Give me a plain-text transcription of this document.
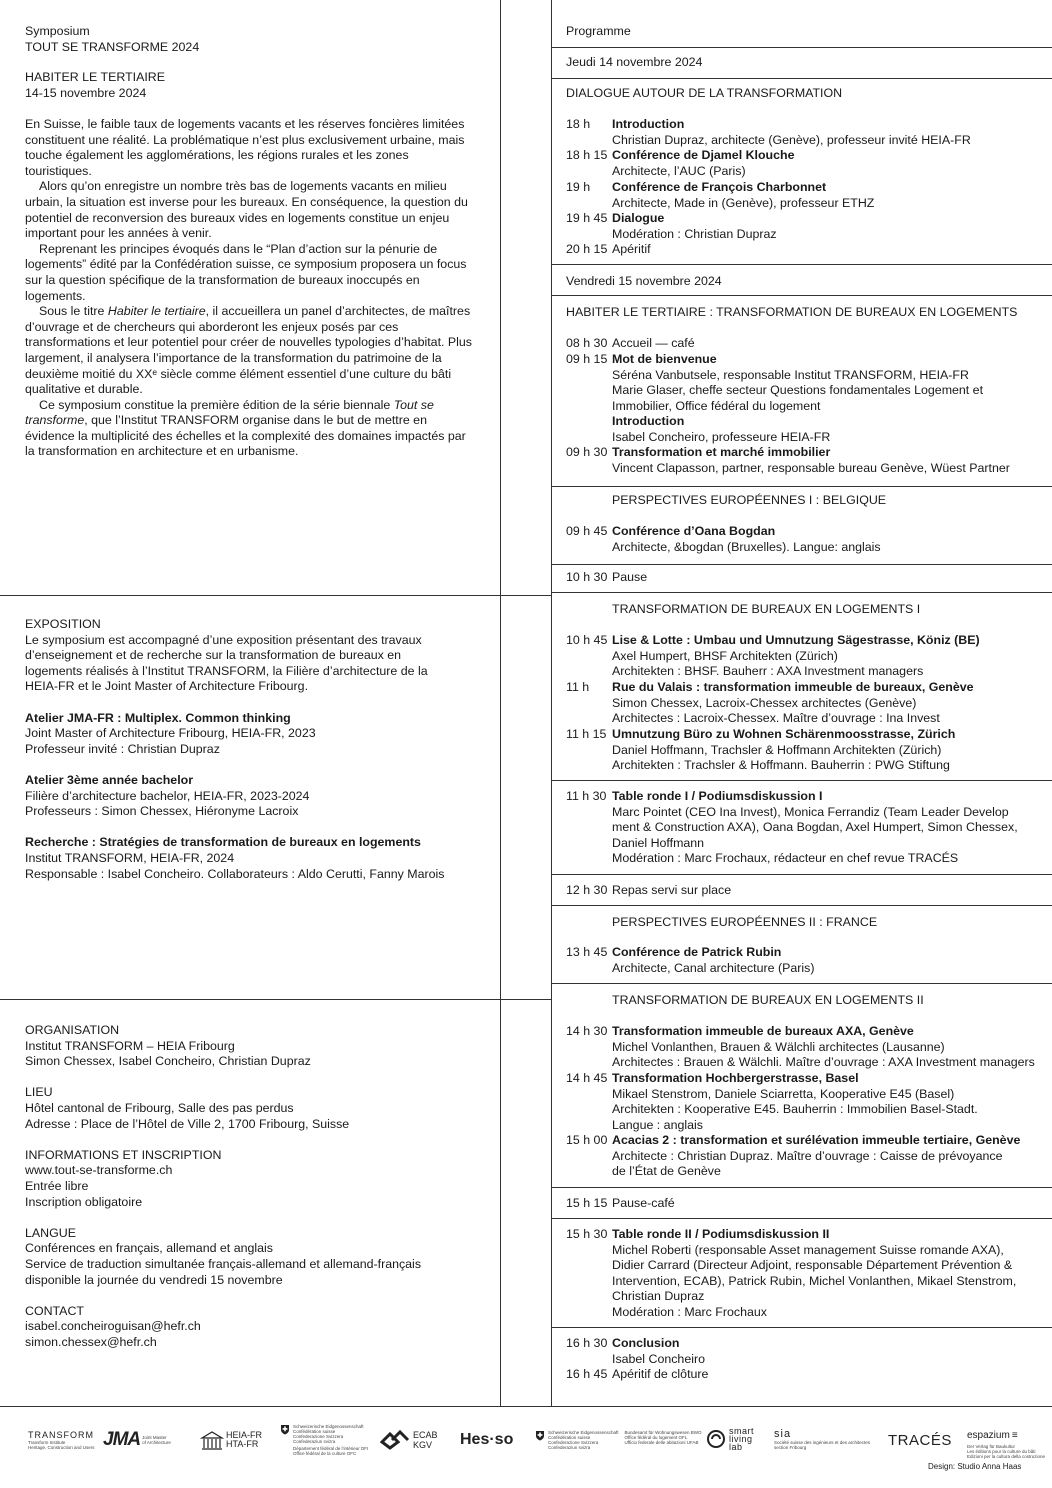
Symposium
TOUT SE TRANSFORME 2024
HABITER LE TERTIAIRE
14-15 novembre 2024

En Suisse, le faible taux de logements vacants et les réserves foncières limitées constituent une réalité. La problématique n’est plus exclusivement urbaine, mais touche également les agglomérations, les régions rurales et les zones touristiques.

Alors qu’on enregistre un nombre très bas de logements vacants en milieu urbain, la situation est inverse pour les bureaux. En conséquence, la question du potentiel de reconversion des bureaux vides en logements constitue un enjeu important pour les années à venir.

Reprenant les principes évoqués dans le “Plan d’action sur la pénurie de logements” édité par la Confédération suisse, ce symposium proposera un focus sur la question spécifique de la transformation de bureaux inoccupés en logements.

Sous le titre Habiter le tertiaire, il accueillera un panel d’architectes, de maîtres d’ouvrage et de chercheurs qui aborderont les enjeux posés par ces transformations et leur potentiel pour créer de nouvelles typologies d’habitat. Plus largement, il analysera l’importance de la transformation du patrimoine de la deuxième moitié du XXᵉ siècle comme élément essentiel d’une culture du bâti qualitative et durable.

Ce symposium constitue la première édition de la série biennale Tout se transforme, que l’Institut TRANSFORM organise dans le but de mettre en évidence la multiplicité des échelles et la complexité des domaines impactés par la transformation en architecture et en urbanisme.

EXPOSITION
Le symposium est accompagné d’une exposition présentant des travaux
d’enseignement et de recherche sur la transformation de bureaux en
logements réalisés à l’Institut TRANSFORM, la Filière d’architecture de la
HEIA-FR et le Joint Master of Architecture Fribourg.
Atelier JMA-FR : Multiplex. Common thinking
Joint Master of Architecture Fribourg, HEIA-FR, 2023
Professeur invité : Christian Dupraz
Atelier 3ème année bachelor
Filière d’architecture bachelor, HEIA-FR, 2023-2024
Professeurs : Simon Chessex, Hiéronyme Lacroix
Recherche : Stratégies de transformation de bureaux en logements
Institut TRANSFORM, HEIA-FR, 2024
Responsable : Isabel Concheiro. Collaborateurs : Aldo Cerutti, Fanny Marois
ORGANISATION
Institut TRANSFORM – HEIA Fribourg
Simon Chessex, Isabel Concheiro, Christian Dupraz
LIEU
Hôtel cantonal de Fribourg, Salle des pas perdus
Adresse : Place de l’Hôtel de Ville 2, 1700 Fribourg, Suisse
INFORMATIONS ET INSCRIPTION
www.tout-se-transforme.ch
Entrée libre
Inscription obligatoire
LANGUE
Conférences en français, allemand et anglais
Service de traduction simultanée français-allemand et allemand-français
disponible la journée du vendredi 15 novembre
CONTACT
isabel.concheiroguisan@hefr.ch
simon.chessex@hefr.ch
Programme
Jeudi 14 novembre 2024
DIALOGUE AUTOUR DE LA TRANSFORMATION
Vendredi 15 novembre 2024
HABITER LE TERTIAIRE : TRANSFORMATION DE BUREAUX EN LOGEMENTS
PERSPECTIVES EUROPÉENNES I : BELGIQUE
TRANSFORMATION DE BUREAUX EN LOGEMENTS I
PERSPECTIVES EUROPÉENNES II : FRANCE
TRANSFORMATION DE BUREAUX EN LOGEMENTS II
18 h Introduction
Christian Dupraz, architecte (Genève), professeur invité HEIA-FR
18 h 15 Conférence de Djamel Klouche
Architecte, l’AUC (Paris)
19 h Conférence de François Charbonnet
Architecte, Made in (Genève), professeur ETHZ
19 h 45 Dialogue
Modération : Christian Dupraz
20 h 15 Apéritif
08 h 30 Accueil — café
09 h 15 Mot de bienvenue
Séréna Vanbutsele, responsable Institut TRANSFORM, HEIA-FR
Marie Glaser, cheffe secteur Questions fondamentales Logement et
Immobilier, Office fédéral du logement
Introduction
Isabel Concheiro, professeure HEIA-FR
09 h 30 Transformation et marché immobilier
Vincent Clapasson, partner, responsable bureau Genève, Wüest Partner
09 h 45 Conférence d’Oana Bogdan
Architecte, &bogdan (Bruxelles). Langue: anglais
10 h 30 Pause
10 h 45 Lise & Lotte : Umbau und Umnutzung Sägestrasse, Köniz (BE)
Axel Humpert, BHSF Architekten (Zürich)
Architekten : BHSF. Bauherr : AXA Investment managers
11 h Rue du Valais : transformation immeuble de bureaux, Genève
Simon Chessex, Lacroix-Chessex architectes (Genève)
Architectes : Lacroix-Chessex. Maître d’ouvrage : Ina Invest
11 h 15 Umnutzung Büro zu Wohnen Schärenmoosstrasse, Zürich
Daniel Hoffmann, Trachsler & Hoffmann Architekten (Zürich)
Architekten : Trachsler & Hoffmann. Bauherrin : PWG Stiftung
11 h 30 Table ronde I / Podiumsdiskussion I
Marc Pointet (CEO Ina Invest), Monica Ferrandiz (Team Leader Develop
ment & Construction AXA), Oana Bogdan, Axel Humpert, Simon Chessex,
Daniel Hoffmann
Modération : Marc Frochaux, rédacteur en chef revue TRACÉS
12 h 30 Repas servi sur place
13 h 45 Conférence de Patrick Rubin
Architecte, Canal architecture (Paris)
14 h 30 Transformation immeuble de bureaux AXA, Genève
Michel Vonlanthen, Brauen & Wälchli architectes (Lausanne)
Architectes : Brauen & Wälchli. Maître d’ouvrage : AXA Investment managers
14 h 45 Transformation Hochbergerstrasse, Basel
Mikael Stenstrom, Daniele Sciarretta, Kooperative E45 (Basel)
Architekten : Kooperative E45. Bauherrin : Immobilien Basel-Stadt.
Langue : anglais
15 h 00 Acacias 2 : transformation et surélévation immeuble tertiaire, Genève
Architecte : Christian Dupraz. Maître d’ouvrage : Caisse de prévoyance
de l’État de Genève
15 h 15 Pause-café
15 h 30 Table ronde II / Podiumsdiskussion II
Michel Roberti (responsable Asset management Suisse romande AXA),
Didier Carrard (Directeur Adjoint, responsable Département Prévention &
Intervention, ECAB), Patrick Rubin, Michel Vonlanthen, Mikael Stenstrom,
Christian Dupraz
Modération : Marc Frochaux
16 h 30 Conclusion
Isabel Concheiro
16 h 45 Apéritif de clôture
TRANSFORM
Transform Institute
Heritage, Construction and Users JMA Joint Master
of Architecture
HEIA-FR
HTA-FR
Schweizerische Eidgenossenschaft
Confédération suisse
Confederazione Svizzera
Confederaziun svizra
Département fédéral de l’intérieur DFI
Office fédéral de la culture OFC
ECAB
KGV	Hes·so	Schweizerische Eidgenossenschaft
Confédération suisse
Confederazione Svizzera
Confederaziun svizra
Bundesamt für Wohnungswesen BWO
Office fédéral du logement OFL
Ufficio federale delle abitazioni UFAB
smart
living
lab
sia
Société suisse des ingénieurs et des architectes
section Fribourg	TRACÉS espazium ≡
Der Verlag für Baukultur
Les éditions pour la culture du bâti
Edizioni per la cultura della costruzione
Design: Studio Anna Haas
